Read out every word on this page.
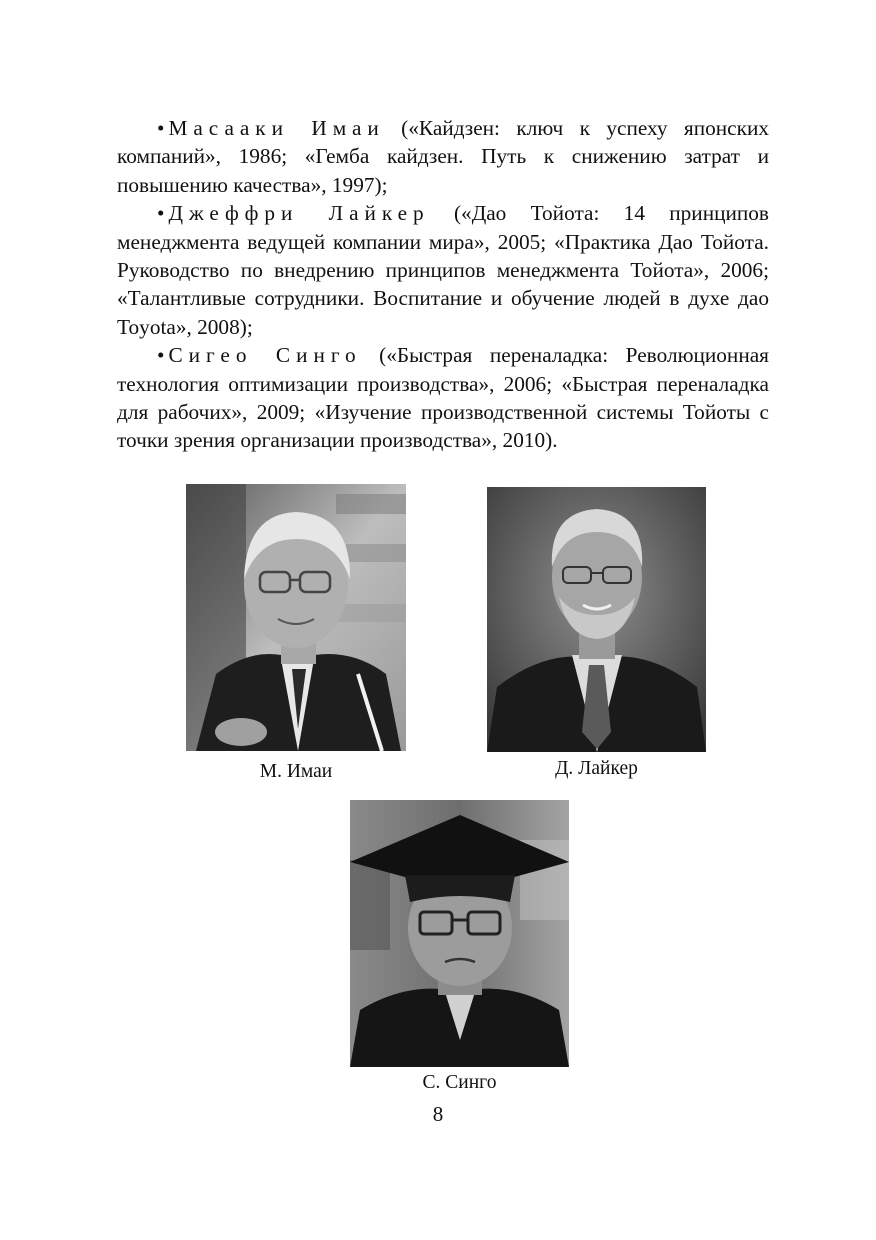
• Масааки Имаи («Кайдзен: ключ к успеху японских компаний», 1986; «Гемба кайдзен. Путь к снижению затрат и повышению качества», 1997);

• Джеффри Лайкер («Дао Тойота: 14 принципов менеджмента ведущей компании мира», 2005; «Практика Дао Тойота. Руководство по внедрению принципов менеджмента Тойота», 2006; «Талантливые сотрудники. Воспитание и обучение людей в духе дао Toyota», 2008);

• Сигео Синго («Быстрая переналадка: Революционная технология оптимизации производства», 2006; «Быстрая переналадка для рабочих», 2009; «Изучение производственной системы Тойоты с точки зрения организации производства», 2010).

М. Имаи	Д. Лайкер
С. Синго
8
